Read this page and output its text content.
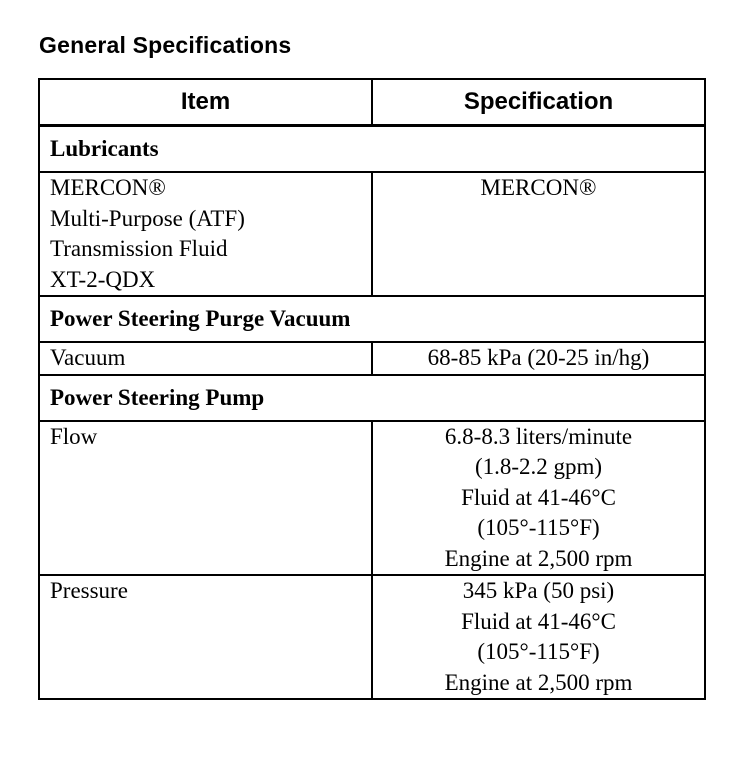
General Specifications
Item	Specification
Lubricants	

MERCON®
Multi-Purpose (ATF)
Transmission Fluid
XT-2-QDX	MERCON®

Power Steering Purge Vacuum	

Vacuum	68-85 kPa (20-25 in/hg)

Power Steering Pump	

Flow	6.8-8.3 liters/minute
(1.8-2.2 gpm)
Fluid at 41-46°C
(105°-115°F)
Engine at 2,500 rpm

Pressure	345 kPa (50 psi)
Fluid at 41-46°C
(105°-115°F)
Engine at 2,500 rpm
